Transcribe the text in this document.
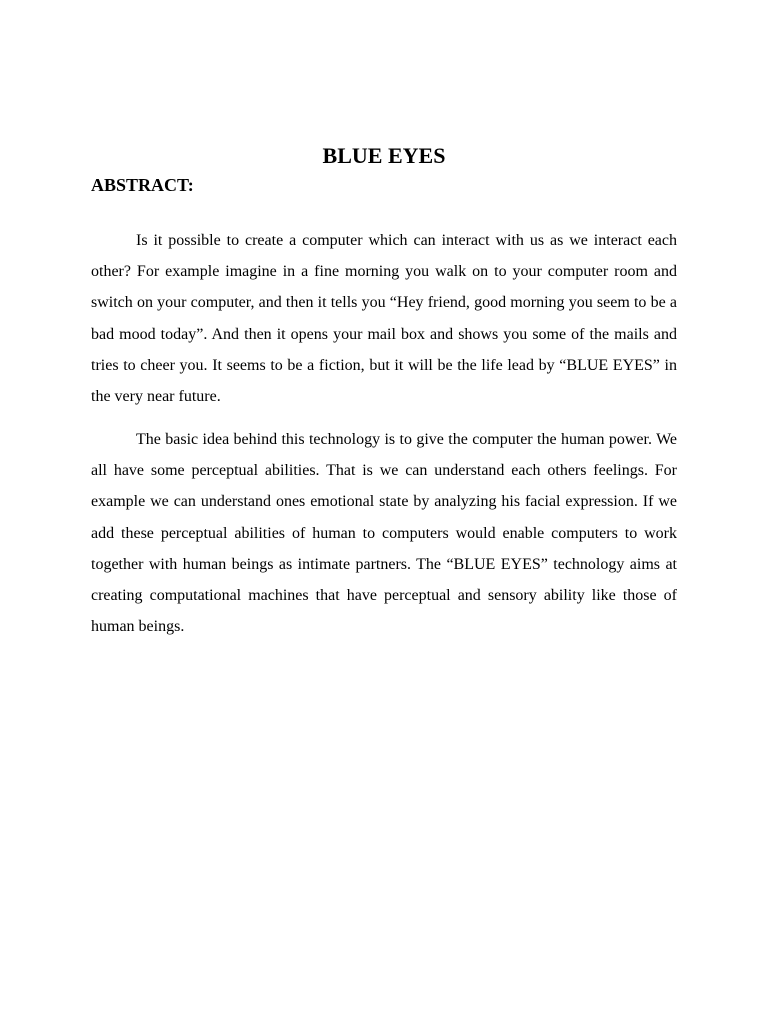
BLUE EYES
ABSTRACT:

Is it possible to create a computer which can interact with us as we interact each other? For example imagine in a fine morning you walk on to your computer room and switch on your computer, and then it tells you “Hey friend, good morning you seem to be a bad mood today”. And then it opens your mail box and shows you some of the mails and tries to cheer you. It seems to be a fiction, but it will be the life lead by “BLUE EYES” in the very near future.

The basic idea behind this technology is to give the computer the human power. We all have some perceptual abilities. That is we can understand each others feelings. For example we can understand ones emotional state by analyzing his facial expression. If we add these perceptual abilities of human to computers would enable computers to work together with human beings as intimate partners. The “BLUE EYES” technology aims at creating computational machines that have perceptual and sensory ability like those of human beings.
